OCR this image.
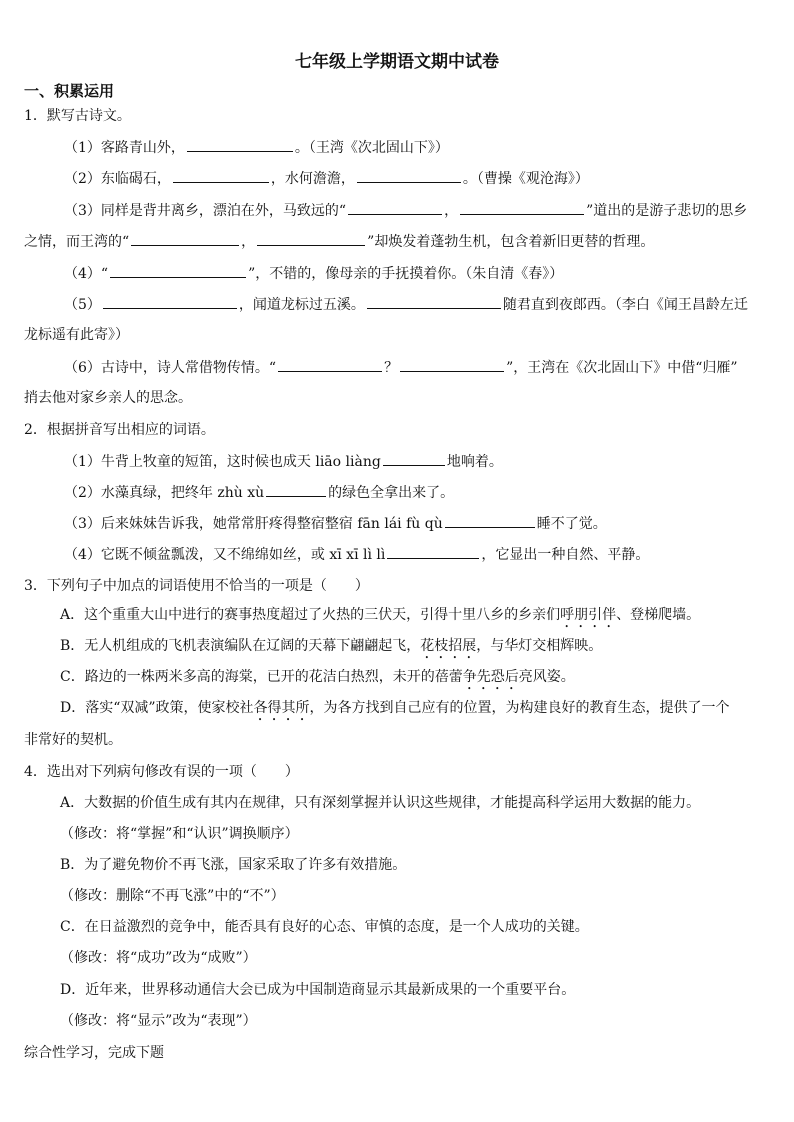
七年级上学期语文期中试卷
一、积累运用
1．默写古诗文。
（1）客路青山外，	。（王湾《次北固山下》）
（2）东临碣石，	，水何澹澹，	。（曹操《观沧海》）
（3）同样是背井离乡，漂泊在外，马致远的“	，	”道出的是游子悲切的思乡
之情，而王湾的“	，	”却焕发着蓬勃生机，包含着新旧更替的哲理。
（4）“	”，不错的，像母亲的手抚摸着你。（朱自清《春》）
（5）	，闻道龙标过五溪。	随君直到夜郎西。（李白《闻王昌龄左迁
龙标遥有此寄》）
（6）古诗中，诗人常借物传情。“	？	”，王湾在《次北固山下》中借“归雁”
捎去他对家乡亲人的思念。
2．根据拼音写出相应的词语。
（1）牛背上牧童的短笛，这时候也成天 liāo liàng	地响着。
（2）水藻真绿，把终年 zhù xù	的绿色全拿出来了。
（3）后来妹妹告诉我，她常常肝疼得整宿整宿 fān lái fù qù	睡不了觉。
（4）它既不倾盆瓢泼，又不绵绵如丝，或 xī xī lì lì	，它显出一种自然、平静。
3．下列句子中加点的词语使用不恰当的一项是（　　）
A．这个重重大山中进行的赛事热度超过了火热的三伏天，引得十里八乡的乡亲们呼朋引伴、登梯爬墙。
B．无人机组成的飞机表演编队在辽阔的天幕下翩翩起飞，花枝招展，与华灯交相辉映。
C．路边的一株两米多高的海棠，已开的花洁白热烈，未开的蓓蕾争先恐后亮风姿。
D．落实“双减”政策，使家校社各得其所，为各方找到自己应有的位置，为构建良好的教育生态，提供了一个
非常好的契机。
4．选出对下列病句修改有误的一项（　　）
A．大数据的价值生成有其内在规律，只有深刻掌握并认识这些规律，才能提高科学运用大数据的能力。
（修改：将“掌握”和“认识”调换顺序）
B．为了避免物价不再飞涨，国家采取了许多有效措施。
（修改：删除“不再飞涨”中的“不”）
C．在日益激烈的竞争中，能否具有良好的心态、审慎的态度，是一个人成功的关键。
（修改：将“成功”改为“成败”）
D．近年来，世界移动通信大会已成为中国制造商显示其最新成果的一个重要平台。
（修改：将“显示”改为“表现”）
综合性学习，完成下题
